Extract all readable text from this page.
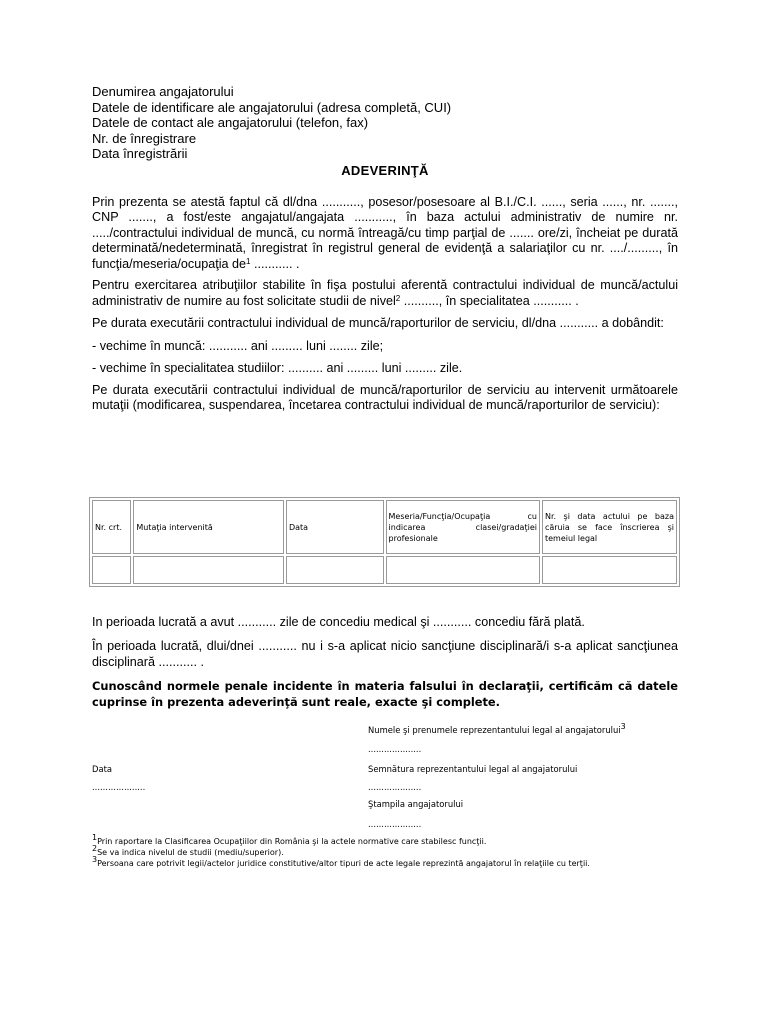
Denumirea angajatorului

Datele de identificare ale angajatorului (adresa completă, CUI)

Datele de contact ale angajatorului (telefon, fax)

Nr. de înregistrare

Data înregistrării

ADEVERINŢĂ

Prin prezenta se atestă faptul că dl/dna ..........., posesor/posesoare al B.I./C.I. ......, seria ......, nr. ......., CNP ......., a fost/este angajatul/angajata ..........., în baza actului administrativ de numire nr. ...../contractului individual de muncă, cu normă întreagă/cu timp parţial de ....... ore/zi, încheiat pe durată determinată/nedeterminată, înregistrat în registrul general de evidenţă a salariaţilor cu nr. ..../........., în funcţia/meseria/ocupaţia $de^1$ ........... .

Pentru exercitarea atribuţiilor stabilite în fişa postului aferentă contractului individual de muncă/actului administrativ de numire au fost solicitate studii de nivel$^2$ .........., în specialitatea ........... .

Pe durata executării contractului individual de muncă/raporturilor de serviciu, dl/dna ........... a dobândit:

- vechime în muncă: ........... ani ......... luni ........ zile;

- vechime în specialitatea studiilor: .......... ani ......... luni ......... zile.

Pe durata executării contractului individual de muncă/raporturilor de serviciu au intervenit următoarele mutaţii (modificarea, suspendarea, încetarea contractului individual de muncă/raporturilor de serviciu):

Nr. crt.	Mutaţia intervenită	Data	Meseria/Funcţia/Ocupaţia cu indicarea clasei/gradaţiei profesionale	Nr. şi data actului pe baza căruia se face înscrierea şi temeiul legal

In perioada lucrată a avut ........... zile de concediu medical şi ........... concediu fără plată.

În perioada lucrată, dlui/dnei ........... nu i s-a aplicat nicio sancţiune disciplinară/i s-a aplicat sancţiunea disciplinară ........... .

Cunoscând normele penale incidente în materia falsului în declaraţii, certificăm că datele cuprinse în prezenta adeverinţă sunt reale, exacte şi complete.

Numele şi prenumele reprezentantului legal al angajatorului$^3$
....................
Data	Semnătura reprezentantului legal al angajatorului
....................	....................
Ştampila angajatorului
....................
$^1$Prin raportare la Clasificarea Ocupaţiilor din România şi la actele normative care stabilesc funcţii.
$^2$Se va indica nivelul de studii (mediu/superior).
$^3$Persoana care potrivit legii/actelor juridice constitutive/altor tipuri de acte legale reprezintă angajatorul în relaţiile cu terţii.
